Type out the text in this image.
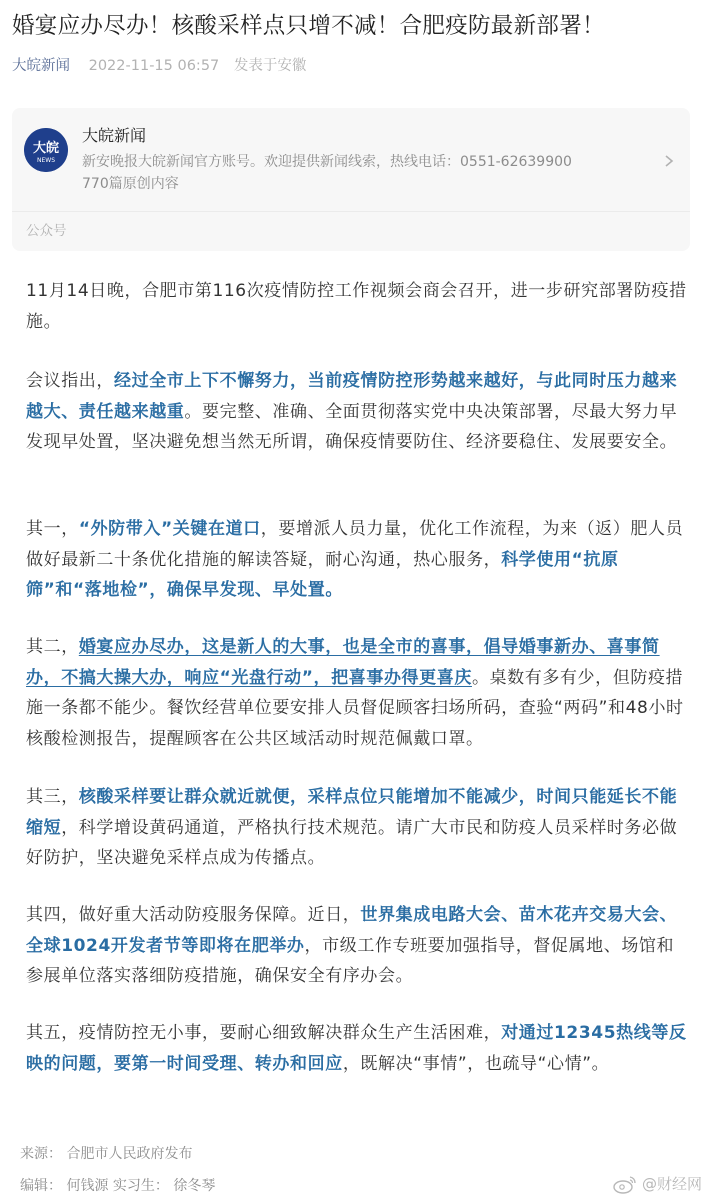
婚宴应办尽办！核酸采样点只增不减！合肥疫防最新部署！
大皖新闻 2022-11-15 06:57 发表于安徽
大皖
NEWS
大皖新闻
新安晚报大皖新闻官方账号。欢迎提供新闻线索，热线电话：0551-62639900
770篇原创内容
公众号
11月14日晚，合肥市第116次疫情防控工作视频会商会召开，进一步研究部署防疫措施。
会议指出，经过全市上下不懈努力，当前疫情防控形势越来越好，与此同时压力越来越大、责任越来越重。要完整、准确、全面贯彻落实党中央决策部署，尽最大努力早发现早处置，坚决避免想当然无所谓，确保疫情要防住、经济要稳住、发展要安全。
其一，“外防带入”关键在道口，要增派人员力量，优化工作流程，为来（返）肥人员做好最新二十条优化措施的解读答疑，耐心沟通，热心服务，科学使用“抗原筛”和“落地检”，确保早发现、早处置。
其二，婚宴应办尽办，这是新人的大事，也是全市的喜事，倡导婚事新办、喜事简办，不搞大操大办，响应“光盘行动”，把喜事办得更喜庆。桌数有多有少，但防疫措施一条都不能少。餐饮经营单位要安排人员督促顾客扫场所码，查验“两码”和48小时核酸检测报告，提醒顾客在公共区域活动时规范佩戴口罩。
其三，核酸采样要让群众就近就便，采样点位只能增加不能减少，时间只能延长不能缩短，科学增设黄码通道，严格执行技术规范。请广大市民和防疫人员采样时务必做好防护，坚决避免采样点成为传播点。
其四，做好重大活动防疫服务保障。近日，世界集成电路大会、苗木花卉交易大会、全球1024开发者节等即将在肥举办，市级工作专班要加强指导，督促属地、场馆和参展单位落实落细防疫措施，确保安全有序办会。
其五，疫情防控无小事，要耐心细致解决群众生产生活困难，对通过12345热线等反映的问题，要第一时间受理、转办和回应，既解决“事情”，也疏导“心情”。
来源： 合肥市人民政府发布
编辑： 何钱源 实习生： 徐冬琴	@财经网
